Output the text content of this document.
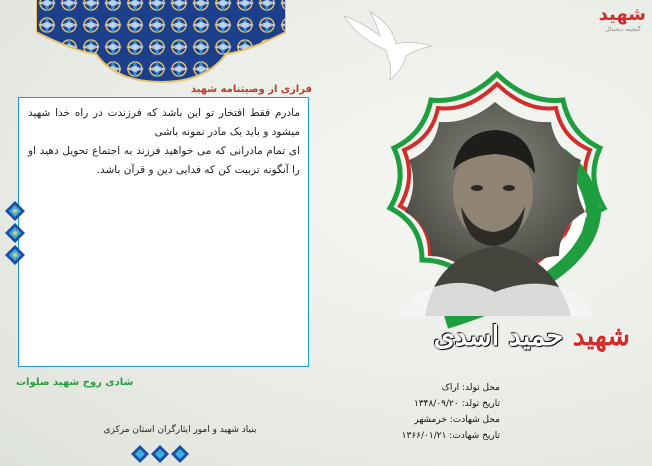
شهید
گنجینه دیجیتال
فرازی از وصیتنامه شهید

مادرم فقط افتخار تو این باشد که فرزندت در راه خدا شهید میشود و باید یک مادر نمونه باشی

ای تمام مادرانی که می خواهید فرزند به اجتماع تحویل دهید او را آنگونه تربیت کن که فدایی دین و قرآن باشد.

شادی روح شهید صلوات
بنیاد شهید و امور ایثارگران استان مرکزی
شهید حمید اسدی
محل تولد: اراک
تاریخ تولد: ۱۳۴۸/۰۹/۲۰
محل شهادت: خرمشهر
تاریخ شهادت: ۱۳۶۶/۰۱/۲۱
